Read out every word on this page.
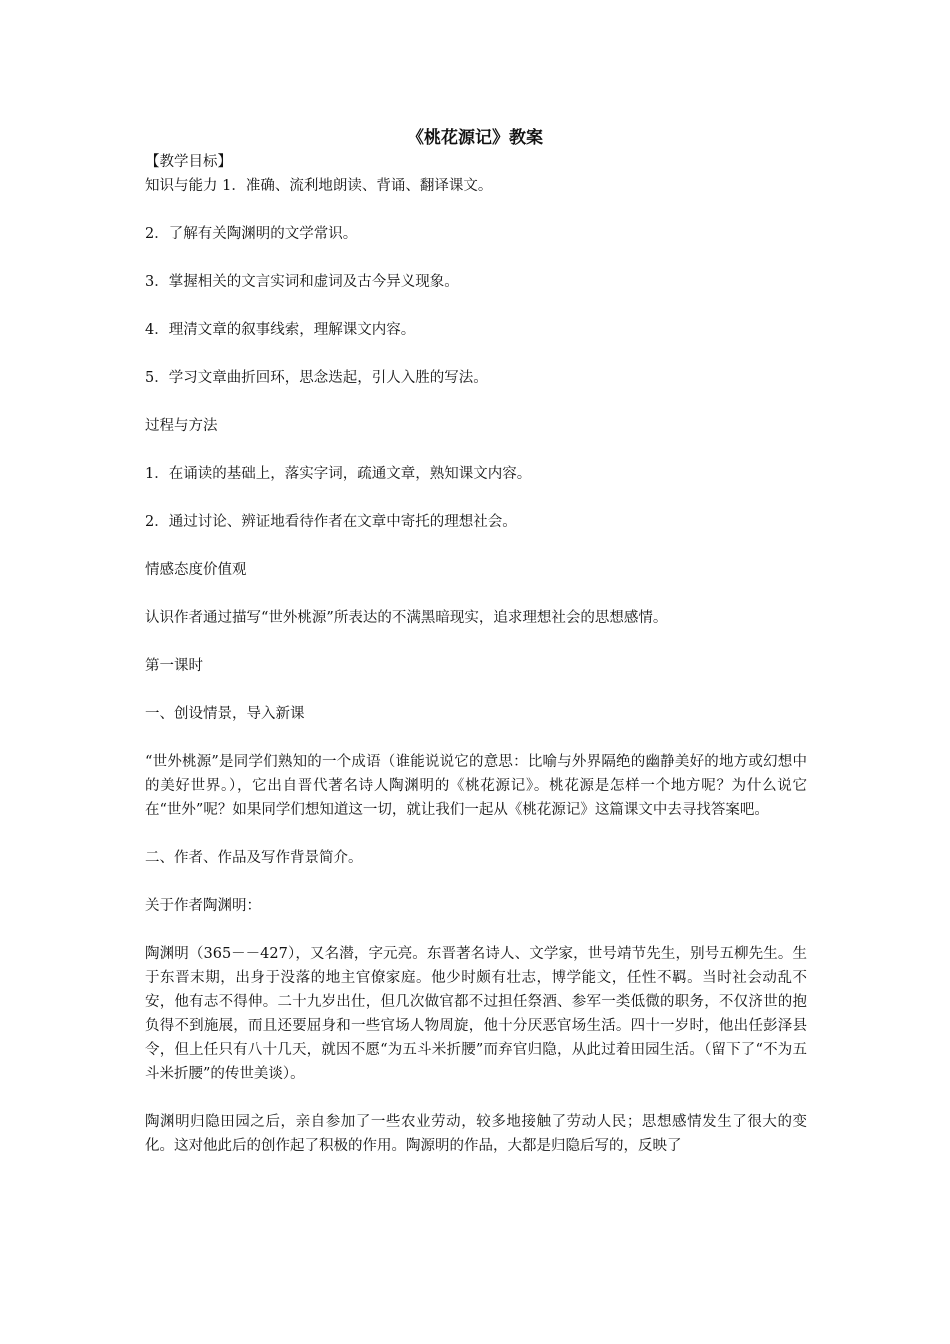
《桃花源记》教案

【教学目标】

知识与能力 1．准确、流利地朗读、背诵、翻译课文。

2．了解有关陶渊明的文学常识。

3．掌握相关的文言实词和虚词及古今异义现象。

4．理清文章的叙事线索，理解课文内容。

5．学习文章曲折回环，思念迭起，引人入胜的写法。

过程与方法

1．在诵读的基础上，落实字词，疏通文章，熟知课文内容。

2．通过讨论、辨证地看待作者在文章中寄托的理想社会。

情感态度价值观

认识作者通过描写“世外桃源”所表达的不满黑暗现实，追求理想社会的思想感情。

第一课时

一、创设情景，导入新课

“世外桃源”是同学们熟知的一个成语（谁能说说它的意思：比喻与外界隔绝的幽静美好的地方或幻想中的美好世界。），它出自晋代著名诗人陶渊明的《桃花源记》。桃花源是怎样一个地方呢？为什么说它在“世外”呢？如果同学们想知道这一切，就让我们一起从《桃花源记》这篇课文中去寻找答案吧。

二、作者、作品及写作背景简介。

关于作者陶渊明：

陶渊明（365－－427），又名潜，字元亮。东晋著名诗人、文学家，世号靖节先生，别号五柳先生。生于东晋末期，出身于没落的地主官僚家庭。他少时颇有壮志，博学能文，任性不羁。当时社会动乱不安，他有志不得伸。二十九岁出仕，但几次做官都不过担任祭酒、参军一类低微的职务，不仅济世的抱负得不到施展，而且还要屈身和一些官场人物周旋，他十分厌恶官场生活。四十一岁时，他出任彭泽县令，但上任只有八十几天，就因不愿“为五斗米折腰”而弃官归隐，从此过着田园生活。（留下了“不为五斗米折腰”的传世美谈）。

陶渊明归隐田园之后，亲自参加了一些农业劳动，较多地接触了劳动人民；思想感情发生了很大的变化。这对他此后的创作起了积极的作用。陶源明的作品，大都是归隐后写的，反映了
